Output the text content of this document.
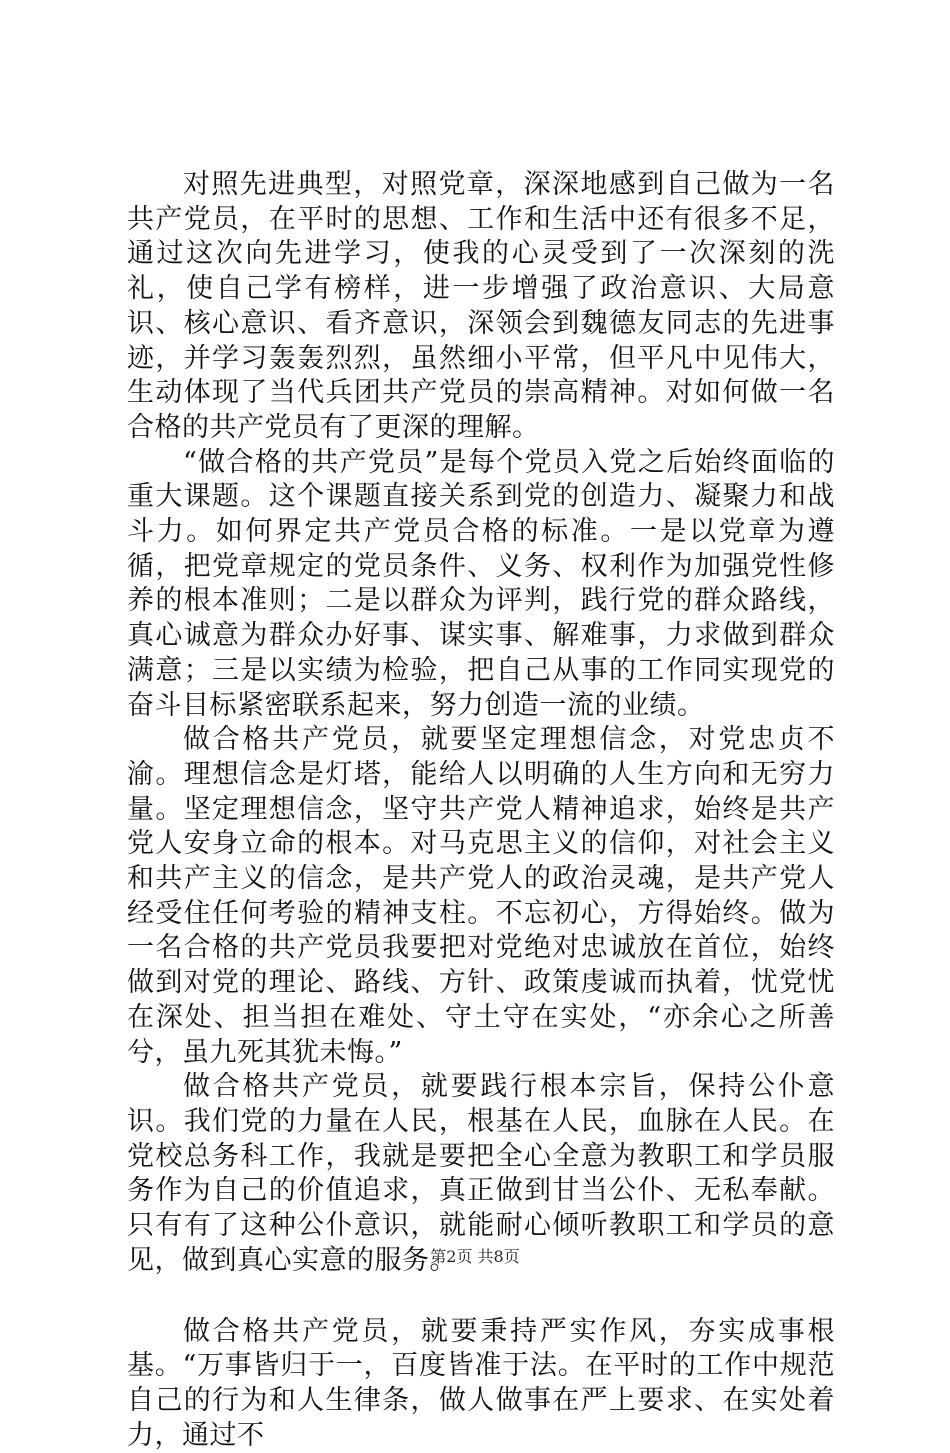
对照先进典型，对照党章，深深地感到自己做为一名共产党员，在平时的思想、工作和生活中还有很多不足，通过这次向先进学习，使我的心灵受到了一次深刻的洗礼，使自己学有榜样，进一步增强了政治意识、大局意识、核心意识、看齐意识，深领会到魏德友同志的先进事迹，并学习轰轰烈烈，虽然细小平常，但平凡中见伟大，生动体现了当代兵团共产党员的崇高精神。对如何做一名合格的共产党员有了更深的理解。

“做合格的共产党员”是每个党员入党之后始终面临的重大课题。这个课题直接关系到党的创造力、凝聚力和战斗力。如何界定共产党员合格的标准。一是以党章为遵循，把党章规定的党员条件、义务、权利作为加强党性修养的根本准则；二是以群众为评判，践行党的群众路线，真心诚意为群众办好事、谋实事、解难事，力求做到群众满意；三是以实绩为检验，把自己从事的工作同实现党的奋斗目标紧密联系起来，努力创造一流的业绩。

做合格共产党员，就要坚定理想信念，对党忠贞不渝。理想信念是灯塔，能给人以明确的人生方向和无穷力量。坚定理想信念，坚守共产党人精神追求，始终是共产党人安身立命的根本。对马克思主义的信仰，对社会主义和共产主义的信念，是共产党人的政治灵魂，是共产党人经受住任何考验的精神支柱。不忘初心，方得始终。做为一名合格的共产党员我要把对党绝对忠诚放在首位，始终做到对党的理论、路线、方针、政策虔诚而执着，忧党忧在深处、担当担在难处、守土守在实处，“亦余心之所善兮，虽九死其犹未悔。”

做合格共产党员，就要践行根本宗旨，保持公仆意识。我们党的力量在人民，根基在人民，血脉在人民。在党校总务科工作，我就是要把全心全意为教职工和学员服务作为自己的价值追求，真正做到甘当公仆、无私奉献。只有有了这种公仆意识，就能耐心倾听教职工和学员的意见，做到真心实意的服务。

做合格共产党员，就要秉持严实作风，夯实成事根基。“万事皆归于一，百度皆准于法。在平时的工作中规范自己的行为和人生律条，做人做事在严上要求、在实处着力，通过不

第2页 共8页
